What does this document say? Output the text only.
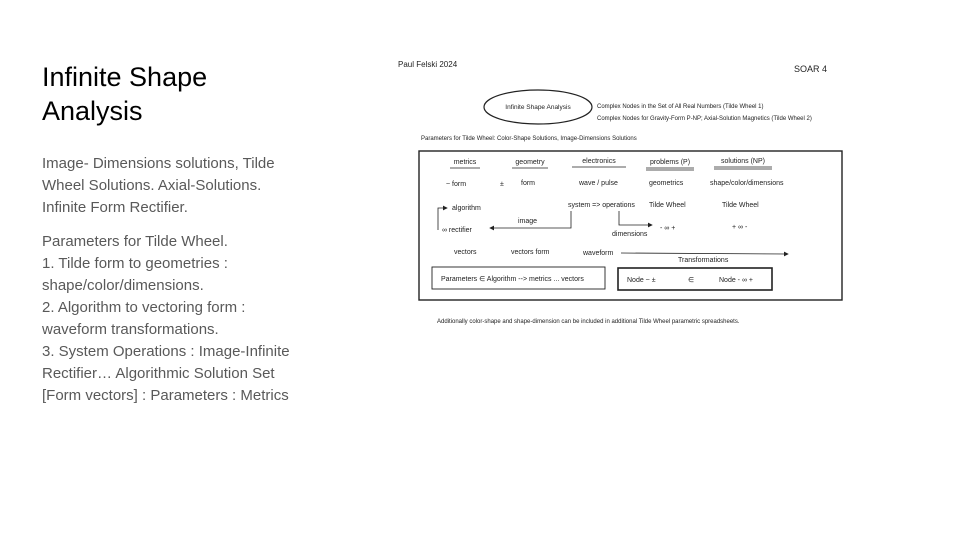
Infinite Shape
Analysis
Image- Dimensions solutions, Tilde
Wheel Solutions. Axial-Solutions.
Infinite Form Rectifier.
Parameters for Tilde Wheel.
1. Tilde form to geometries :
shape/color/dimensions.
2. Algorithm to vectoring form :
waveform transformations.
3. System Operations : Image-Infinite
Rectifier… Algorithmic Solution Set
[Form vectors] : Parameters : Metrics
Paul Felski 2024	SOAR 4
Infinite Shape Analysis	Complex Nodes in the Set of All Real Numbers (Tilde Wheel 1)
Complex Nodes for Gravity-Form P-NP; Axial-Solution Magnetics (Tilde Wheel 2)
Parameters for Tilde Wheel: Color-Shape Solutions, Image-Dimensions Solutions
metrics	geometry	electronics	problems (P)	solutions (NP)
~ form	± form	wave / pulse	geometrics	shape/color/dimensions
algorithm	system => operations Tilde Wheel	Tilde Wheel
∞ rectifier
image
dimensions
- ∞ +	+ ∞ -
vectors	vectors form	waveform
Transformations
Parameters ∈ Algorithm --> metrics ... vectors	Node ~ ±	∈	Node - ∞ +
Additionally color-shape and shape-dimension can be included in additional Tilde Wheel parametric spreadsheets.
